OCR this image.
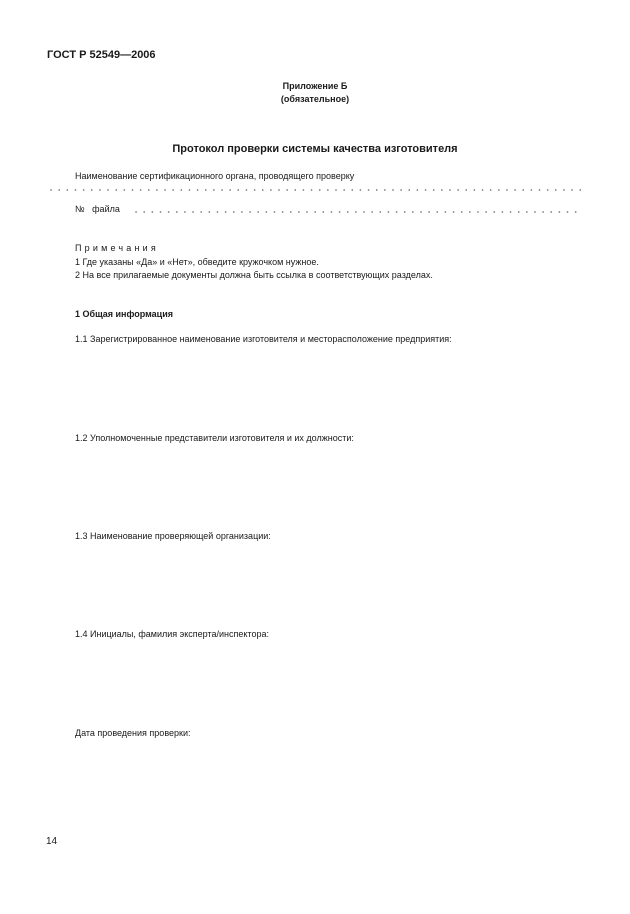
ГОСТ Р 52549—2006
Приложение Б
(обязательное)
Протокол проверки системы качества изготовителя
Наименование сертификационного органа, проводящего проверку
№   файла
Примечания
1 Где указаны «Да» и «Нет», обведите кружочком нужное.
2 На все прилагаемые документы должна быть ссылка в соответствующих разделах.
1 Общая информация
1.1 Зарегистрированное наименование изготовителя и месторасположение предприятия:
1.2 Уполномоченные представители изготовителя и их должности:
1.3 Наименование проверяющей организации:
1.4 Инициалы, фамилия эксперта/инспектора:
Дата проведения проверки:
14
